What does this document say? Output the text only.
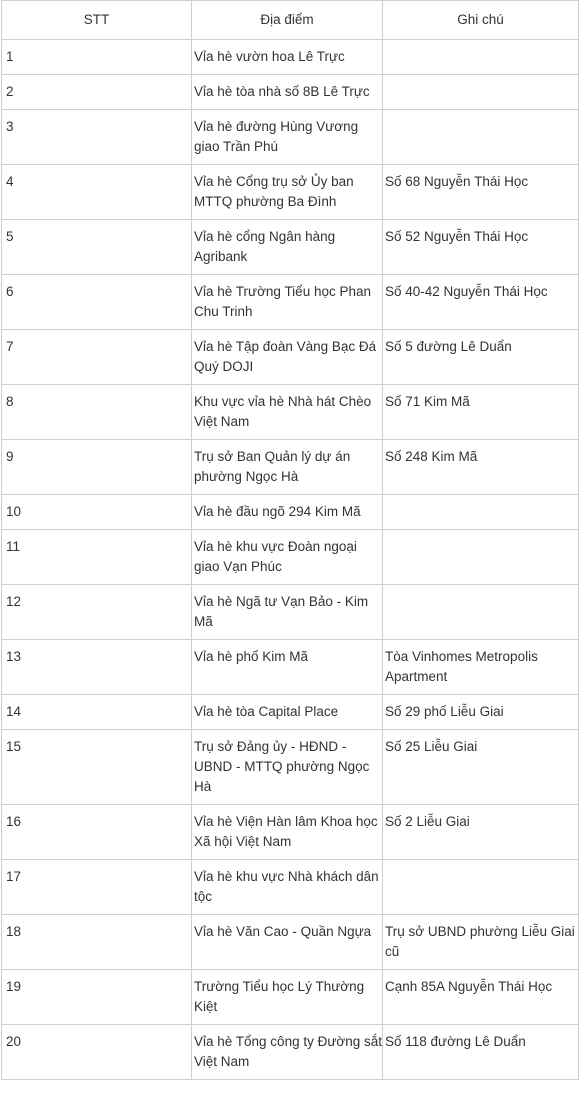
STT	Địa điểm	Ghi chú
1	Vỉa hè vườn hoa Lê Trực	
2	Vỉa hè tòa nhà số 8B Lê Trực	
3	Vỉa hè đường Hùng Vương giao Trần Phú	
4	Vỉa hè Cổng trụ sở Ủy ban MTTQ phường Ba Đình	Số 68 Nguyễn Thái Học
5	Vỉa hè cổng Ngân hàng Agribank	Số 52 Nguyễn Thái Học
6	Vỉa hè Trường Tiểu học Phan Chu Trinh	Số 40-42 Nguyễn Thái Học
7	Vỉa hè Tập đoàn Vàng Bạc Đá Quý DOJI	Số 5 đường Lê Duẩn
8	Khu vực vỉa hè Nhà hát Chèo Việt Nam	Số 71 Kim Mã
9	Trụ sở Ban Quản lý dự án phường Ngọc Hà	Số 248 Kim Mã
10	Vỉa hè đầu ngõ 294 Kim Mã	
11	Vỉa hè khu vực Đoàn ngoại giao Vạn Phúc	
12	Vỉa hè Ngã tư Vạn Bảo - Kim Mã	
13	Vỉa hè phố Kim Mã	Tòa Vinhomes Metropolis Apartment
14	Vỉa hè tòa Capital Place	Số 29 phố Liễu Giai
15	Trụ sở Đảng ủy - HĐND - UBND - MTTQ phường Ngọc Hà	Số 25 Liễu Giai
16	Vỉa hè Viện Hàn lâm Khoa học Xã hội Việt Nam	Số 2 Liễu Giai
17	Vỉa hè khu vực Nhà khách dân tộc	
18	Vỉa hè Văn Cao - Quần Ngựa	Trụ sở UBND phường Liễu Giai cũ
19	Trường Tiểu học Lý Thường Kiệt	Cạnh 85A Nguyễn Thái Học
20	Vỉa hè Tổng công ty Đường sắt Việt Nam	Số 118 đường Lê Duẩn
